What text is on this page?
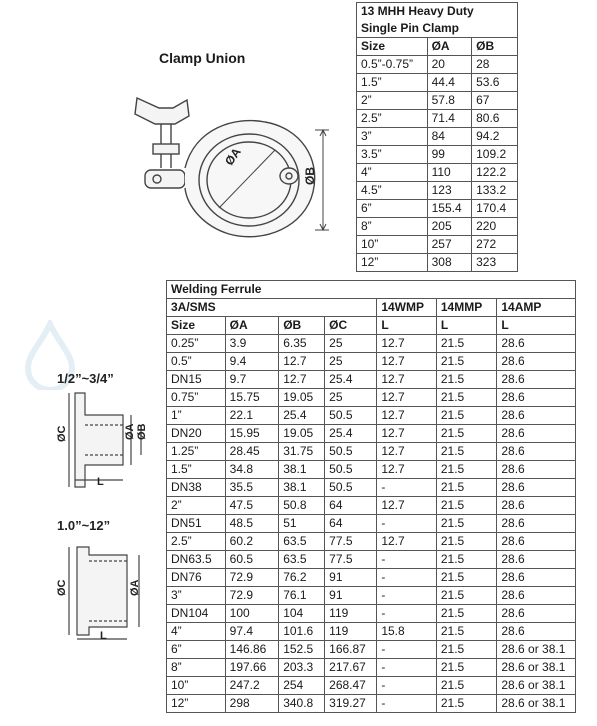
Clamp Union
ØA
ØB
13 MHH Heavy Duty		
Single Pin Clamp		
Size	ØA	ØB
0.5”-0.75”	20	28
1.5”	44.4	53.6
2”	57.8	67
2.5”	71.4	80.6
3”	84	94.2
3.5”	99	109.2
4”	110	122.2
4.5”	123	133.2
6”	155.4	170.4
8”	205	220
10”	257	272
12”	308	323
Welding Ferrule						
3A/SMS				14WMP	14MMP	14AMP
Size	ØA	ØB	ØC	L	L	L
0.25”	3.9	6.35	25	12.7	21.5	28.6
0.5”	9.4	12.7	25	12.7	21.5	28.6
DN15	9.7	12.7	25.4	12.7	21.5	28.6
0.75”	15.75	19.05	25	12.7	21.5	28.6
1”	22.1	25.4	50.5	12.7	21.5	28.6
DN20	15.95	19.05	25.4	12.7	21.5	28.6
1.25”	28.45	31.75	50.5	12.7	21.5	28.6
1.5”	34.8	38.1	50.5	12.7	21.5	28.6
DN38	35.5	38.1	50.5	-	21.5	28.6
2”	47.5	50.8	64	12.7	21.5	28.6
DN51	48.5	51	64	-	21.5	28.6
2.5”	60.2	63.5	77.5	12.7	21.5	28.6
DN63.5	60.5	63.5	77.5	-	21.5	28.6
DN76	72.9	76.2	91	-	21.5	28.6
3”	72.9	76.1	91	-	21.5	28.6
DN104	100	104	119	-	21.5	28.6
4”	97.4	101.6	119	15.8	21.5	28.6
6”	146.86	152.5	166.87	-	21.5	28.6 or 38.1
8”	197.66	203.3	217.67	-	21.5	28.6 or 38.1
10”	247.2	254	268.47	-	21.5	28.6 or 38.1
12”	298	340.8	319.27	-	21.5	28.6 or 38.1
1/2”~3/4”
ØC	ØA ØB
L
1.0”~12”
ØC	ØA
L
